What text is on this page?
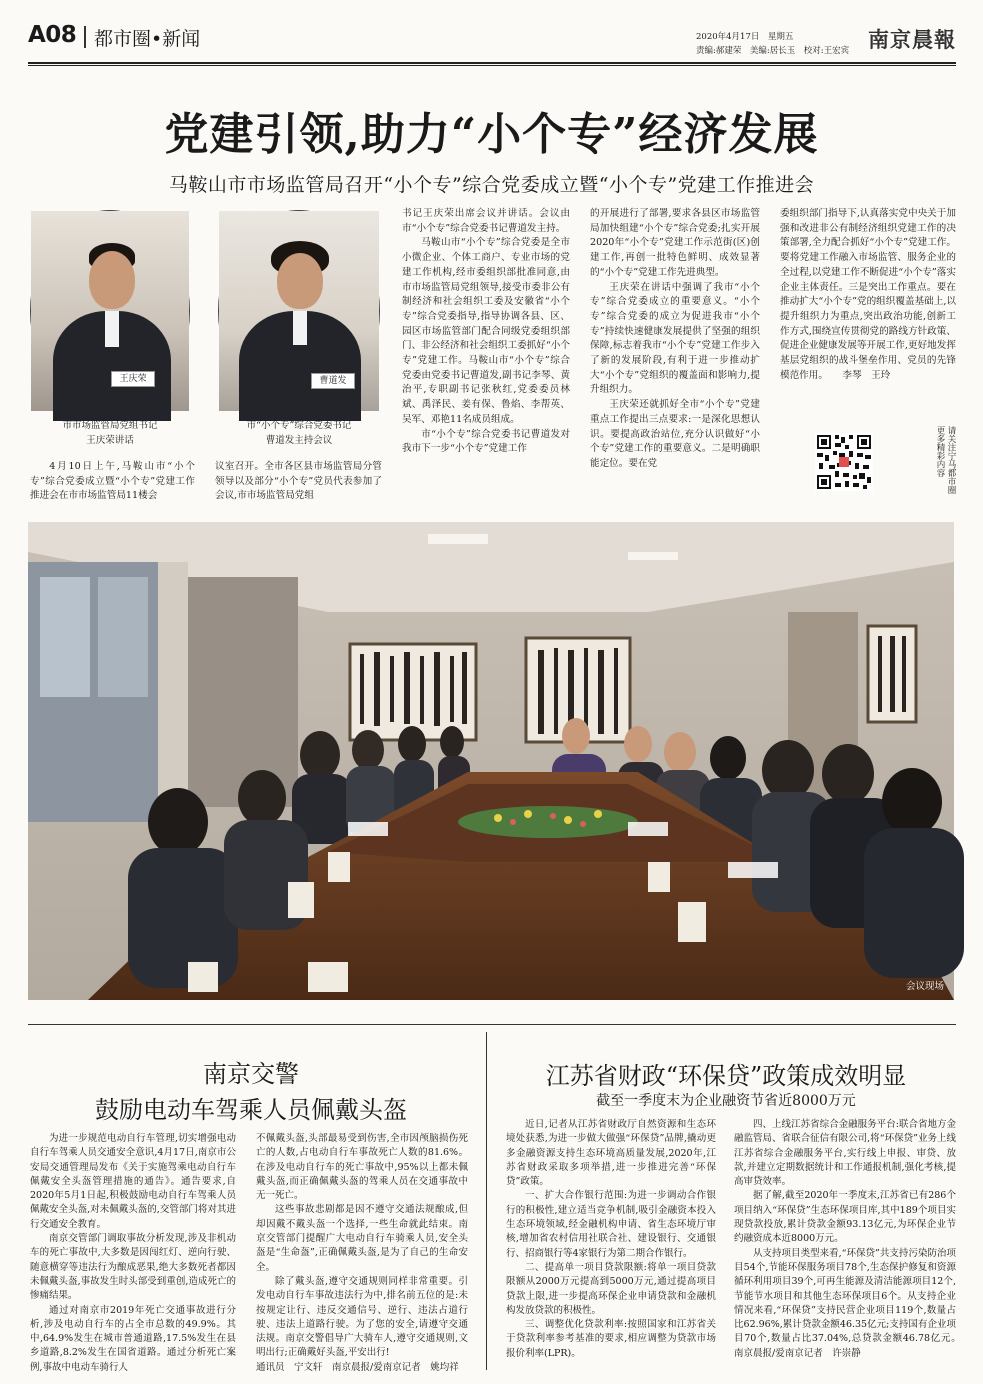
A08 都市圈•新闻	2020年4月17日　星期五
责编:郝建荣　美编:居长玉　校对:王宏宾 南京晨報
党建引领,助力“小个专”经济发展
马鞍山市市场监管局召开“小个专”综合党委成立暨“小个专”党建工作推进会
王庆荣
市市场监管局党组书记
王庆荣讲话
曹道发
市“小个专”综合党委书记
曹道发主持会议

4月10日上午,马鞍山市“小个专”综合党委成立暨“小个专”党建工作推进会在市市场监管局11楼会

议室召开。全市各区县市场监管局分管领导以及部分“小个专”党员代表参加了会议,市市场监管局党组

书记王庆荣出席会议并讲话。会议由市“小个专”综合党委书记曹道发主持。

马鞍山市“小个专”综合党委是全市小微企业、个体工商户、专业市场的党建工作机构,经市委组织部批准同意,由市市场监管局党组领导,接受市委非公有制经济和社会组织工委及安徽省“小个专”综合党委指导,指导协调各县、区、园区市场监管部门配合同级党委组织部门、非公经济和社会组织工委抓好“小个专”党建工作。马鞍山市“小个专”综合党委由党委书记曹道发,副书记李琴、黄治平,专职副书记张秋红,党委委员林斌、禹泽民、姜有保、鲁焰、李帮英、吴军、邓艳11名成员组成。

市“小个专”综合党委书记曹道发对我市下一步“小个专”党建工作

的开展进行了部署,要求各县区市场监管局加快组建“小个专”综合党委;扎实开展2020年“小个专”党建工作示范街(区)创建工作,再创一批特色鲜明、成效显著的“小个专”党建工作先进典型。

王庆荣在讲话中强调了我市“小个专”综合党委成立的重要意义。“小个专”综合党委的成立为促进我市“小个专”持续快速健康发展提供了坚强的组织保障,标志着我市“小个专”党建工作步入了新的发展阶段,有利于进一步推动扩大“小个专”党组织的覆盖面和影响力,提升组织力。

王庆荣还就抓好全市“小个专”党建重点工作提出三点要求:一是深化思想认识。要提高政治站位,充分认识做好“小个专”党建工作的重要意义。二是明确职能定位。要在党

委组织部门指导下,认真落实党中央关于加强和改进非公有制经济组织党建工作的决策部署,全力配合抓好“小个专”党建工作。要将党建工作融入市场监管、服务企业的全过程,以党建工作不断促进“小个专”落实企业主体责任。三是突出工作重点。要在推动扩大“小个专”党的组织覆盖基础上,以提升组织力为重点,突出政治功能,创新工作方式,围绕宣传贯彻党的路线方针政策、促进企业健康发展等开展工作,更好地发挥基层党组织的战斗堡垒作用、党员的先锋模范作用。　　李琴　王玲

请关注宁马都市圈更多精彩内容
会议现场
南京交警
鼓励电动车驾乘人员佩戴头盔

为进一步规范电动自行车管理,切实增强电动自行车驾乘人员交通安全意识,4月17日,南京市公安局交通管理局发布《关于实施驾乘电动自行车佩戴安全头盔管理措施的通告》。通告要求,自2020年5月1日起,积极鼓励电动自行车驾乘人员佩戴安全头盔,对未佩戴头盔的,交管部门将对其进行交通安全教育。

南京交管部门调取事故分析发现,涉及非机动车的死亡事故中,大多数是因闯红灯、逆向行驶、随意横穿等违法行为酿成恶果,绝大多数死者都因未佩戴头盔,事故发生时头部受到重创,造成死亡的惨痛结果。

通过对南京市2019年死亡交通事故进行分析,涉及电动自行车的占全市总数的49.9%。其中,64.9%发生在城市普通道路,17.5%发生在县乡道路,8.2%发生在国省道路。通过分析死亡案例,事故中电动车骑行人

不佩戴头盔,头部最易受到伤害,全市因颅脑损伤死亡的人数,占电动自行车事故死亡人数的81.6%。在涉及电动自行车的死亡事故中,95%以上都未佩戴头盔,而正确佩戴头盔的驾乘人员在交通事故中无一死亡。

这些事故悲剧都是因不遵守交通法规酿成,但却因戴不戴头盔一个选择,一些生命就此结束。南京交管部门提醒广大电动自行车骑乘人员,安全头盔是“生命盔”,正确佩戴头盔,是为了自己的生命安全。

除了戴头盔,遵守交通规则同样非常重要。引发电动自行车事故违法行为中,排名前五位的是:未按规定让行、违反交通信号、逆行、违法占道行驶、违法上道路行驶。为了您的安全,请遵守交通法规。南京交警倡导广大骑车人,遵守交通规则,文明出行;正确戴好头盔,平安出行!

通讯员　宁文轩　南京晨报/爱南京记者　姚均祥

江苏省财政“环保贷”政策成效明显
截至一季度末为企业融资节省近8000万元

近日,记者从江苏省财政厅自然资源和生态环境处获悉,为进一步做大做强“环保贷”品牌,撬动更多金融资源支持生态环境高质量发展,2020年,江苏省财政采取多项举措,进一步推进完善“环保贷”政策。

一、扩大合作银行范围:为进一步调动合作银行的积极性,建立适当竞争机制,吸引金融资本投入生态环境领域,经金融机构申请、省生态环境厅审核,增加省农村信用社联合社、建设银行、交通银行、招商银行等4家银行为第二期合作银行。

二、提高单一项目贷款限额:将单一项目贷款限额从2000万元提高到5000万元,通过提高项目贷款上限,进一步提高环保企业申请贷款和金融机构发放贷款的积极性。

三、调整优化贷款利率:按照国家和江苏省关于贷款利率参考基准的要求,相应调整为贷款市场报价利率(LPR)。

四、上线江苏省综合金融服务平台:联合省地方金融监管局、省联合征信有限公司,将“环保贷”业务上线江苏省综合金融服务平台,实行线上申报、审贷、放款,并建立定期数据统计和工作通报机制,强化考核,提高审贷效率。

据了解,截至2020年一季度末,江苏省已有286个项目纳入“环保贷”生态环保项目库,其中189个项目实现贷款投放,累计贷款金额93.13亿元,为环保企业节约融资成本近8000万元。

从支持项目类型来看,“环保贷”共支持污染防治项目54个,节能环保服务项目78个,生态保护修复和资源循环利用项目39个,可再生能源及清洁能源项目12个,节能节水项目和其他生态环保项目6个。从支持企业情况来看,“环保贷”支持民营企业项目119个,数量占比62.96%,累计贷款金额46.35亿元;支持国有企业项目70个,数量占比37.04%,总贷款金额46.78亿元。　南京晨报/爱南京记者　许崇静
